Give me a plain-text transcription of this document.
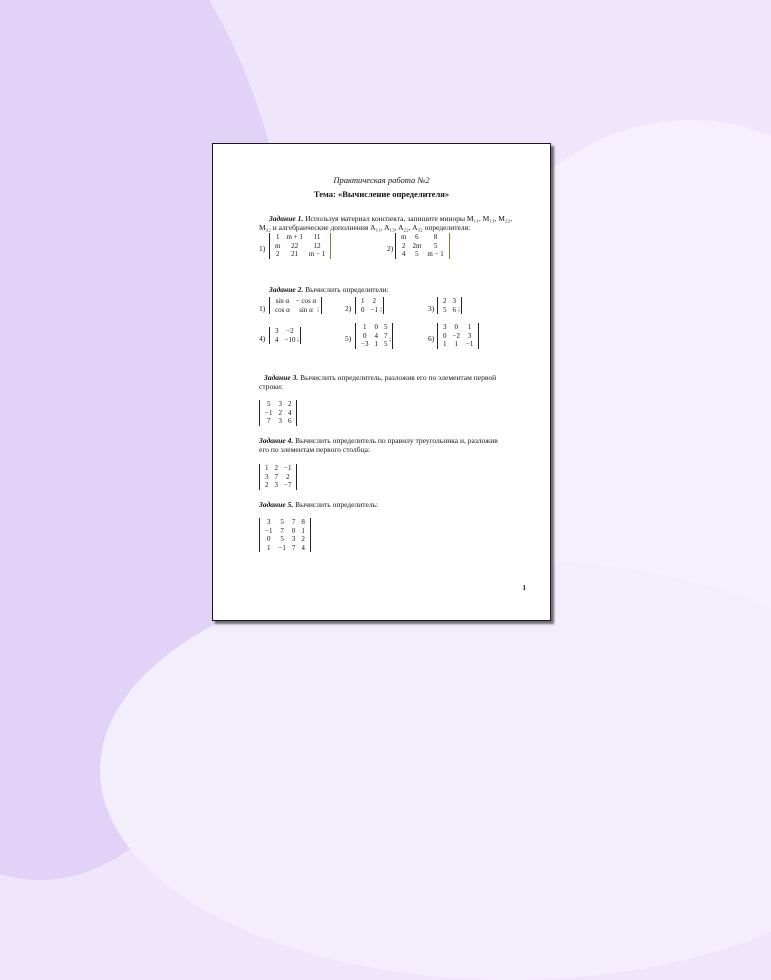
Практическая работа №2
Тема: «Вычисление определителя»
Задание 1. Используя материал конспекта, запишите миноры M₁₁, M₁₃, M₂₂,
M₃₂ и алгебраические дополнения A₁₁, A₁₃, A₂₂, A₃₂ определителя:
1)
1	m + 1	11
m	22	12
2	21	m − 1
2)
m	6	8
2	2m	5
4	5	m − 1
Задание 2. Вычислить определители:
1)
sin α	− cos α
cos α	sin α ;	2)
1	2
0	−1 ;	3)
2	3
5	6 ;
4)
3	−2
4	−10 ;	5)
1	0	5
0	4	7
−3	1	5
;	6)
3	0	1
0	−2	3
1	1	−1
Задание 3. Вычислить определитель, разложив его по элементам первой
строки:
5	3	2
−1	2	4
7	3	6
Задание 4. Вычислить определитель по правилу треугольника и, разложив
его по элементам первого столбца:
1	2	−1
3	7	2
2	3	−7
Задание 5. Вычислить определитель:
3	5	7	8
−1	7	0	1
0	5	3	2
1	−1	7	4
1
